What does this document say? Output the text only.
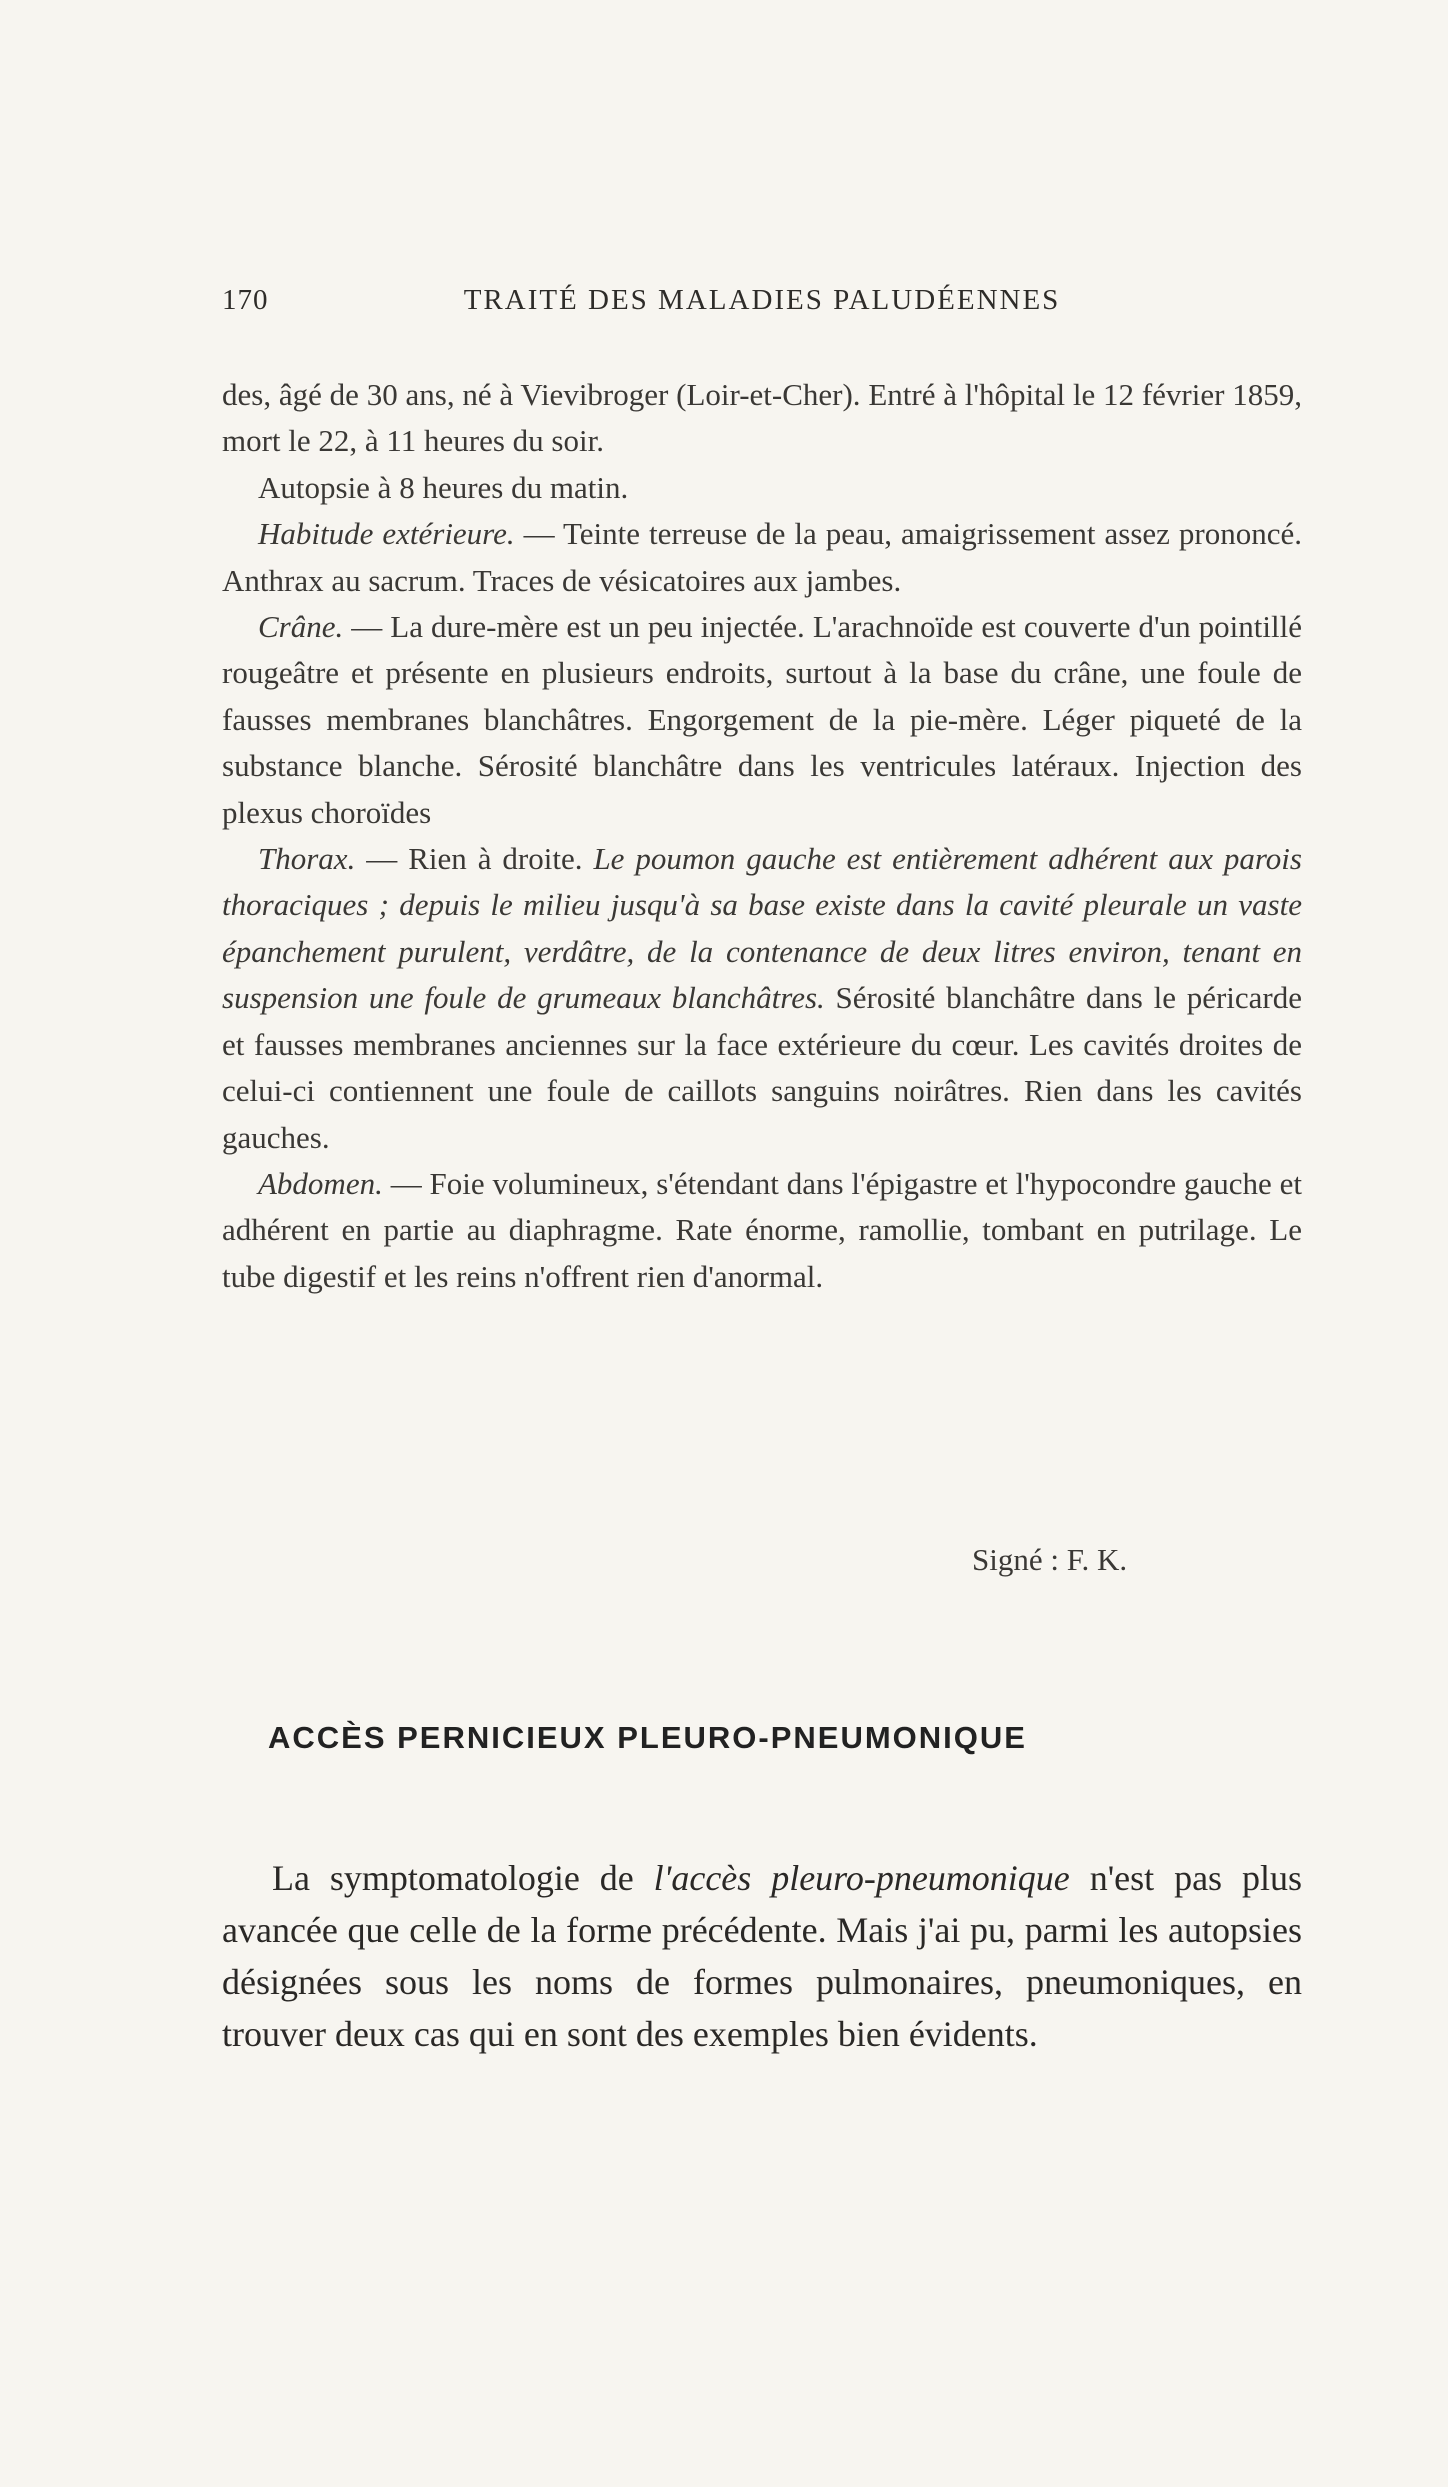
170	TRAITÉ DES MALADIES PALUDÉENNES

des, âgé de 30 ans, né à Vievibroger (Loir-et-Cher). Entré à l'hôpital le 12 février 1859, mort le 22, à 11 heures du soir.

Autopsie à 8 heures du matin.

Habitude extérieure. — Teinte terreuse de la peau, amaigrissement assez prononcé. Anthrax au sacrum. Traces de vésicatoires aux jambes.

Crâne. — La dure-mère est un peu injectée. L'arachnoïde est couverte d'un pointillé rougeâtre et présente en plusieurs endroits, surtout à la base du crâne, une foule de fausses membranes blanchâtres. Engorgement de la pie-mère. Léger piqueté de la substance blanche. Sérosité blanchâtre dans les ventricules latéraux. Injection des plexus choroïdes

Thorax. — Rien à droite. Le poumon gauche est entièrement adhérent aux parois thoraciques ; depuis le milieu jusqu'à sa base existe dans la cavité pleurale un vaste épanchement purulent, verdâtre, de la contenance de deux litres environ, tenant en suspension une foule de grumeaux blanchâtres. Sérosité blanchâtre dans le péricarde et fausses membranes anciennes sur la face extérieure du cœur. Les cavités droites de celui-ci contiennent une foule de caillots sanguins noirâtres. Rien dans les cavités gauches.

Abdomen. — Foie volumineux, s'étendant dans l'épigastre et l'hypocondre gauche et adhérent en partie au diaphragme. Rate énorme, ramollie, tombant en putrilage. Le tube digestif et les reins n'offrent rien d'anormal.

Signé : F. K.
ACCÈS PERNICIEUX PLEURO-PNEUMONIQUE

La symptomatologie de l'accès pleuro-pneumonique n'est pas plus avancée que celle de la forme précédente. Mais j'ai pu, parmi les autopsies désignées sous les noms de formes pulmonaires, pneumoniques, en trouver deux cas qui en sont des exemples bien évidents.
